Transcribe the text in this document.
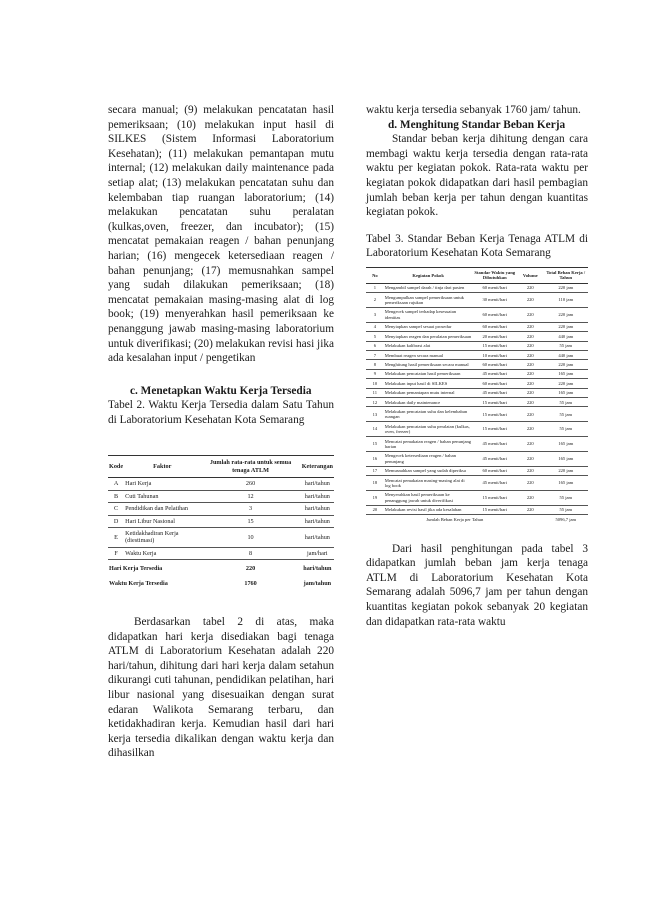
secara manual; (9) melakukan pencatatan hasil pemeriksaan; (10) melakukan input hasil di SILKES (Sistem Informasi Laboratorium Kesehatan); (11) melakukan pemantapan mutu internal; (12) melakukan daily maintenance pada setiap alat; (13) melakukan pencatatan suhu dan kelembaban tiap ruangan laboratorium; (14) melakukan pencatatan suhu peralatan (kulkas,oven, freezer, dan incubator); (15) mencatat pemakaian reagen / bahan penunjang harian; (16) mengecek ketersediaan reagen / bahan penunjang; (17) memusnahkan sampel yang sudah dilakukan pemeriksaan; (18) mencatat pemakaian masing-masing alat di log book; (19) menyerahkan hasil pemeriksaan ke penanggung jawab masing-masing laboratorium untuk diverifikasi; (20) melakukan revisi hasi jika ada kesalahan input / pengetikan

c. Menetapkan Waktu Kerja Tersedia

Tabel 2. Waktu Kerja Tersedia dalam Satu Tahun di Laboratorium Kesehatan Kota Semarang

Kode	Faktor	Jumlah rata-rata untuk semua tenaga ATLM	Keterangan
A	Hari Kerja	260	hari/tahun
B	Cuti Tahunan	12	hari/tahun
C	Pendidikan dan Pelatihan	3	hari/tahun
D	Hari Libur Nasional	15	hari/tahun
E	Ketidakhadiran Kerja (diestimasi)	10	hari/tahun
F	Waktu Kerja	8	jam/hari
Hari Kerja Tersedia		220	hari/tahun
Waktu Kerja Tersedia		1760	jam/tahun

Berdasarkan tabel 2 di atas, maka didapatkan hari kerja disediakan bagi tenaga ATLM di Laboratorium Kesehatan adalah 220 hari/tahun, dihitung dari hari kerja dalam setahun dikurangi cuti tahunan, pendidikan pelatihan, hari libur nasional yang disesuaikan dengan surat edaran Walikota Semarang terbaru, dan ketidakhadiran kerja. Kemudian hasil dari hari kerja tersedia dikalikan dengan waktu kerja dan dihasilkan

waktu kerja tersedia sebanyak 1760 jam/ tahun.

d. Menghitung Standar Beban Kerja

Standar beban kerja dihitung dengan cara membagi waktu kerja tersedia dengan rata-rata waktu per kegiatan pokok. Rata-rata waktu per kegiatan pokok didapatkan dari hasil pembagian jumlah beban kerja per tahun dengan kuantitas kegiatan pokok.

Tabel 3. Standar Beban Kerja Tenaga ATLM di Laboratorium Kesehatan Kota Semarang

No	Kegiatan Pokok	Standar Waktu yang Dibutuhkan	Volume	Total Beban Kerja / Tahun
1	Mengambil sampel darah / tinja dari pasien	60 menit/hari	220	220 jam
2	Mengumpulkan sampel pemeriksaan untuk pemeriksaan rujukan	30 menit/hari	220	110 jam
3	Mengecek sampel terhadap kesesuaian identitas	60 menit/hari	220	220 jam
4	Menyiapkan sampel sesuai prosedur	60 menit/hari	220	220 jam
5	Menyiapkan reagen dan peralatan pemeriksaan	20 menit/hari	220	440 jam
6	Melakukan kalibrasi alat	15 menit/hari	220	55 jam
7	Membuat reagen secara manual	10 menit/hari	220	440 jam
8	Menghitung hasil pemeriksaan secara manual	60 menit/hari	220	220 jam
9	Melakukan pencatatan hasil pemeriksaan	45 menit/hari	220	165 jam
10	Melakukan input hasil di SILKES	60 menit/hari	220	220 jam
11	Melakukan pemantapan mutu internal	45 menit/hari	220	165 jam
12	Melakukan daily maintenance	15 menit/hari	220	55 jam
13	Melakukan pencatatan suhu dan kelembaban ruangan	15 menit/hari	220	55 jam
14	Melakukan pencatatan suhu peralatan (kulkas, oven, freezer)	15 menit/hari	220	55 jam
15	Mencatat pemakaian reagen / bahan penunjang harian	45 menit/hari	220	165 jam
16	Mengecek ketersediaan reagen / bahan penunjang	45 menit/hari	220	165 jam
17	Memusnahkan sampel yang sudah diperiksa	60 menit/hari	220	220 jam
18	Mencatat pemakaian masing-masing alat di log book	45 menit/hari	220	165 jam
19	Menyerahkan hasil pemeriksaan ke penanggung jawab untuk diverifikasi	15 menit/hari	220	55 jam
20	Melakukan revisi hasil jika ada kesalahan	15 menit/hari	220	55 jam
Jumlah Beban Kerja per Tahun				5096,7 jam

Dari hasil penghitungan pada tabel 3 didapatkan jumlah beban jam kerja tenaga ATLM di Laboratorium Kesehatan Kota Semarang adalah 5096,7 jam per tahun dengan kuantitas kegiatan pokok sebanyak 20 kegiatan dan didapatkan rata-rata waktu
